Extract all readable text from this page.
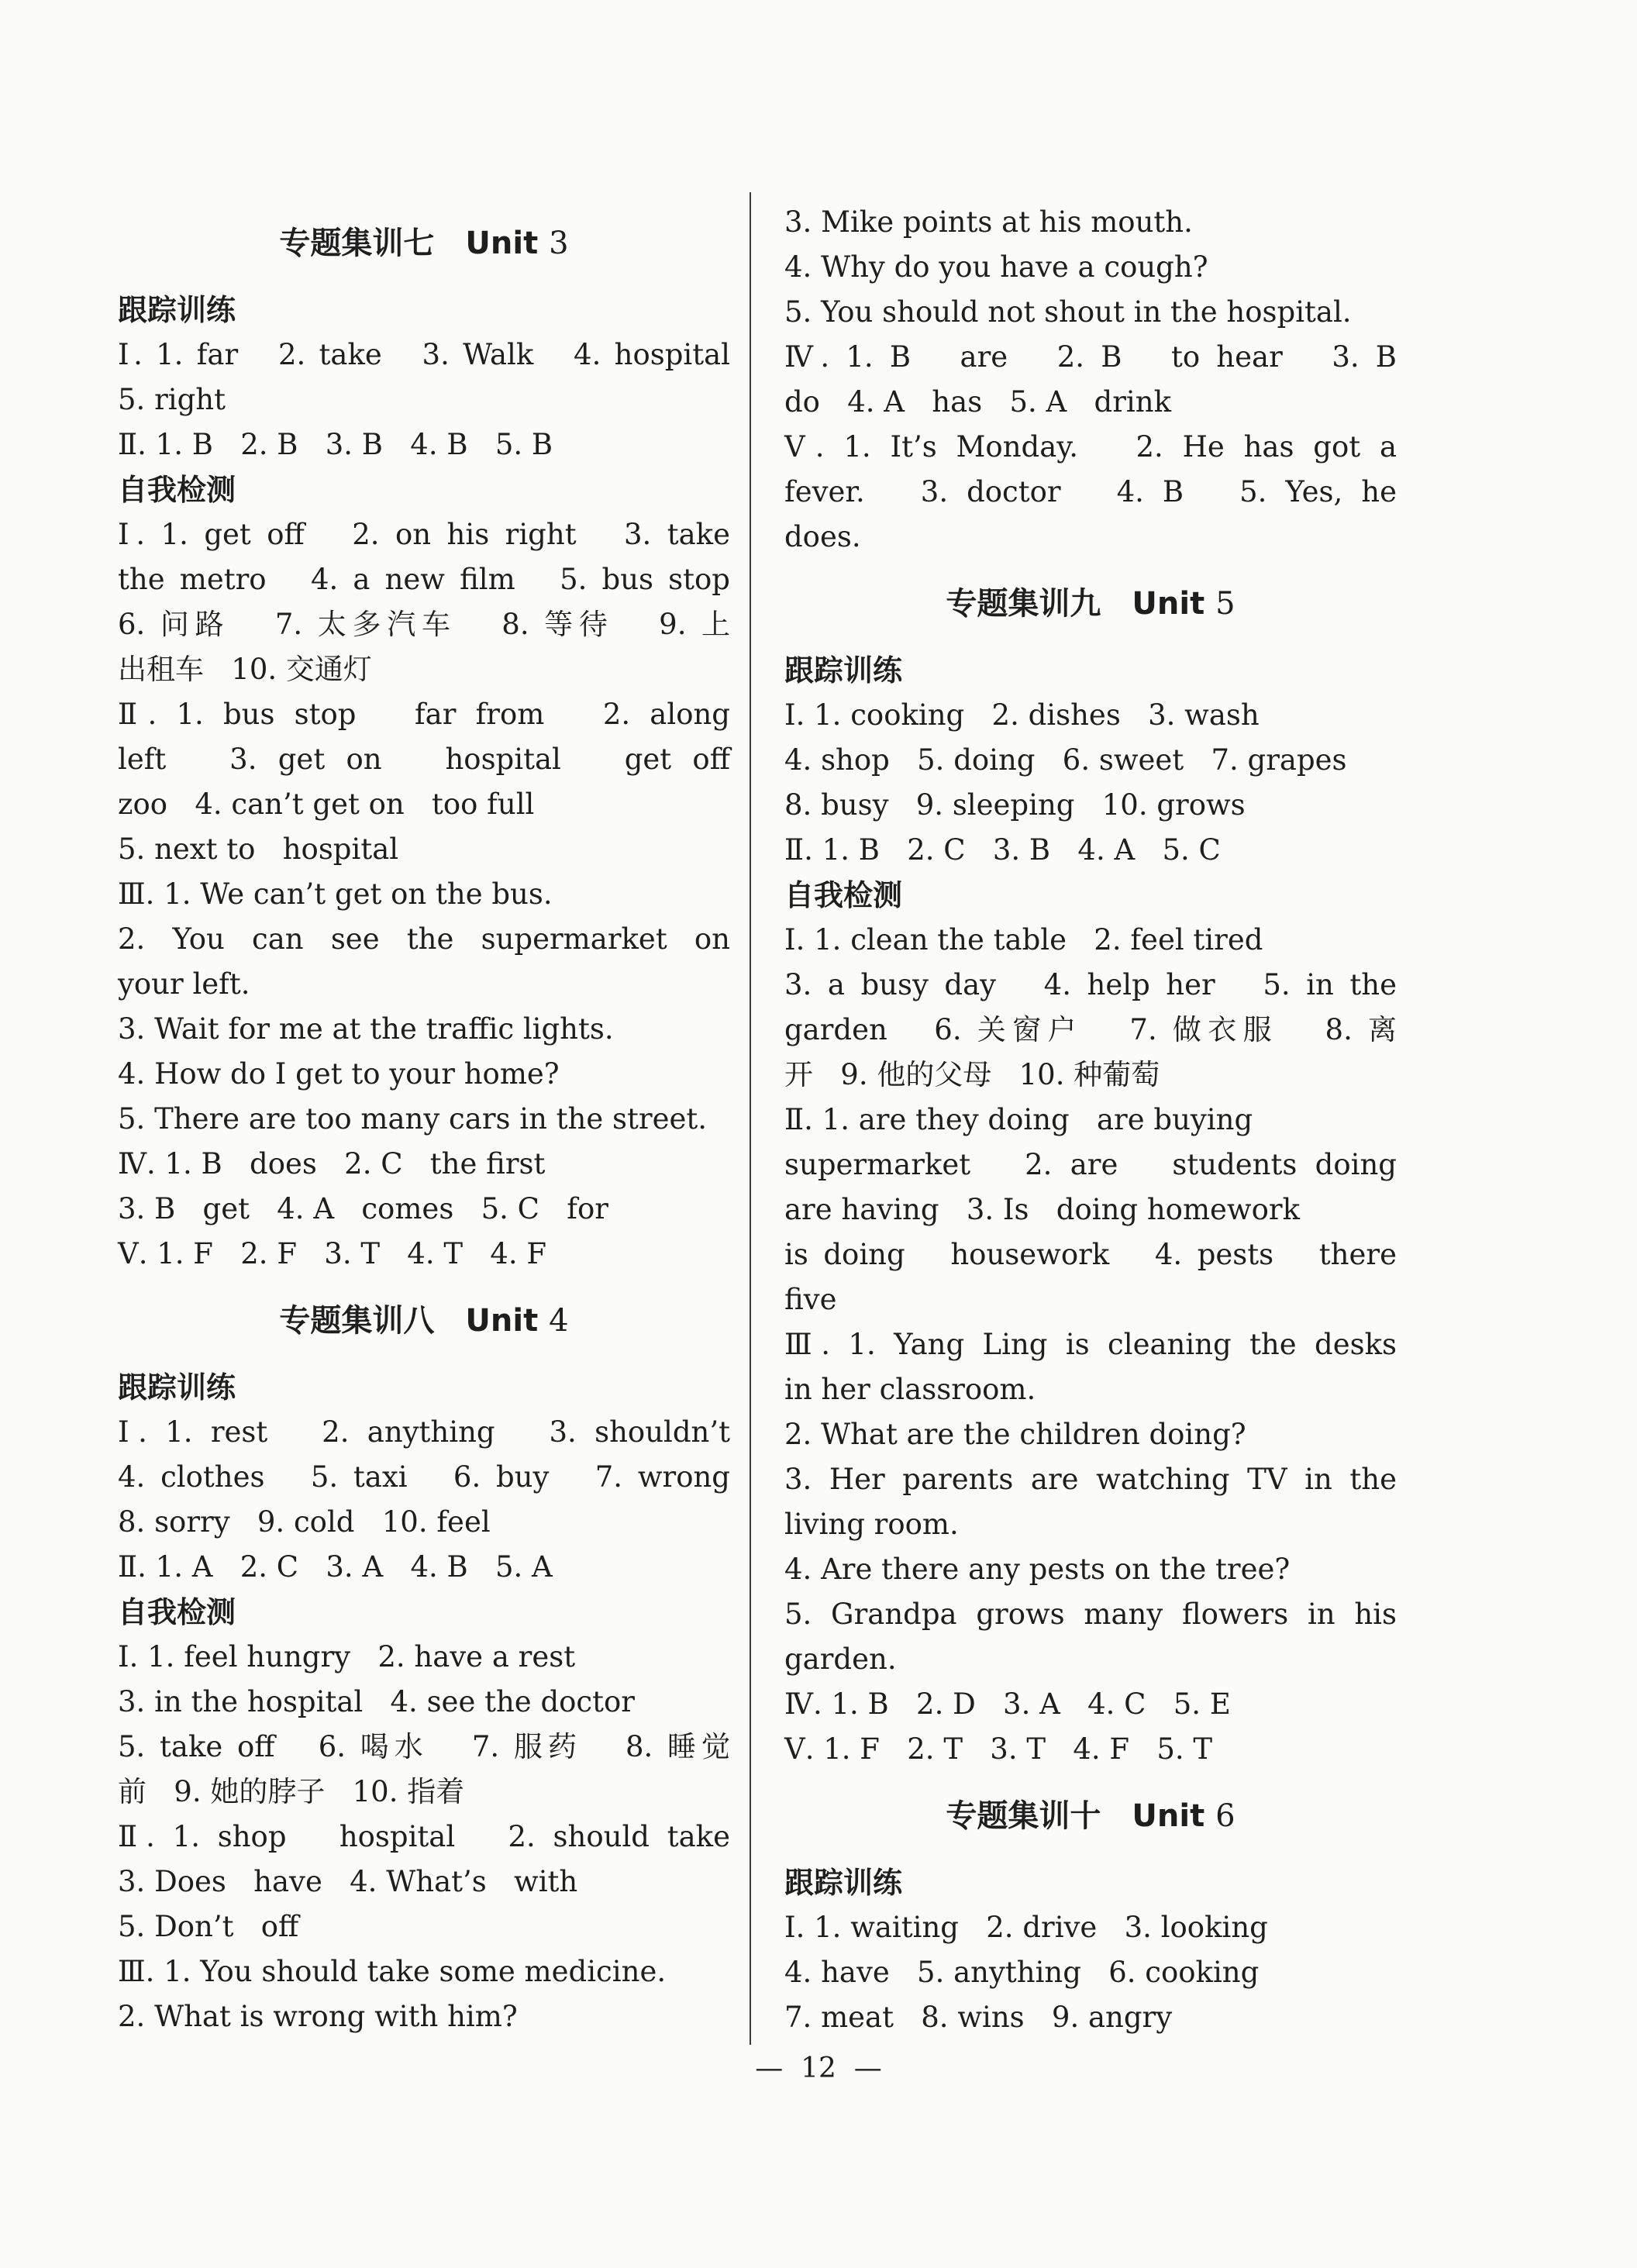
专题集训七 Unit 3
跟踪训练
Ⅰ. 1. far   2. take   3. Walk   4. hospital
5. right
Ⅱ. 1. B   2. B   3. B   4. B   5. B
自我检测
Ⅰ. 1. get off   2. on his right   3. take
the metro   4. a new film   5. bus stop
6. 问路   7. 太多汽车   8. 等待   9. 上
出租车   10. 交通灯
Ⅱ. 1. bus stop   far from   2. along
left   3. get on   hospital   get off
zoo   4. can’t get on   too full
5. next to   hospital
Ⅲ. 1. We can’t get on the bus.
2. You can see the supermarket on
your left.
3. Wait for me at the traffic lights.
4. How do I get to your home?
5. There are too many cars in the street.
Ⅳ. 1. B   does   2. C   the first
3. B   get   4. A   comes   5. C   for
Ⅴ. 1. F   2. F   3. T   4. T   4. F
专题集训八 Unit 4
跟踪训练
Ⅰ. 1. rest   2. anything   3. shouldn’t
4. clothes   5. taxi   6. buy   7. wrong
8. sorry   9. cold   10. feel
Ⅱ. 1. A   2. C   3. A   4. B   5. A
自我检测
Ⅰ. 1. feel hungry   2. have a rest
3. in the hospital   4. see the doctor
5. take off   6. 喝水   7. 服药   8. 睡觉
前   9. 她的脖子   10. 指着
Ⅱ. 1. shop   hospital   2. should take
3. Does   have   4. What’s   with
5. Don’t   off
Ⅲ. 1. You should take some medicine.
2. What is wrong with him?
3. Mike points at his mouth.
4. Why do you have a cough?
5. You should not shout in the hospital.
Ⅳ. 1. B   are   2. B   to hear   3. B
do   4. A   has   5. A   drink
Ⅴ. 1. It’s Monday.   2. He has got a
fever.   3. doctor   4. B   5. Yes, he
does.
专题集训九 Unit 5
跟踪训练
Ⅰ. 1. cooking   2. dishes   3. wash
4. shop   5. doing   6. sweet   7. grapes
8. busy   9. sleeping   10. grows
Ⅱ. 1. B   2. C   3. B   4. A   5. C
自我检测
Ⅰ. 1. clean the table   2. feel tired
3. a busy day   4. help her   5. in the
garden   6. 关窗户   7. 做衣服   8. 离
开   9. 他的父母   10. 种葡萄
Ⅱ. 1. are they doing   are buying
supermarket   2. are   students doing
are having   3. Is   doing homework
is doing   housework   4. pests   there
five
Ⅲ. 1. Yang Ling is cleaning the desks
in her classroom.
2. What are the children doing?
3. Her parents are watching TV in the
living room.
4. Are there any pests on the tree?
5. Grandpa grows many flowers in his
garden.
Ⅳ. 1. B   2. D   3. A   4. C   5. E
Ⅴ. 1. F   2. T   3. T   4. F   5. T
专题集训十 Unit 6
跟踪训练
Ⅰ. 1. waiting   2. drive   3. looking
4. have   5. anything   6. cooking
7. meat   8. wins   9. angry
—  12  —
